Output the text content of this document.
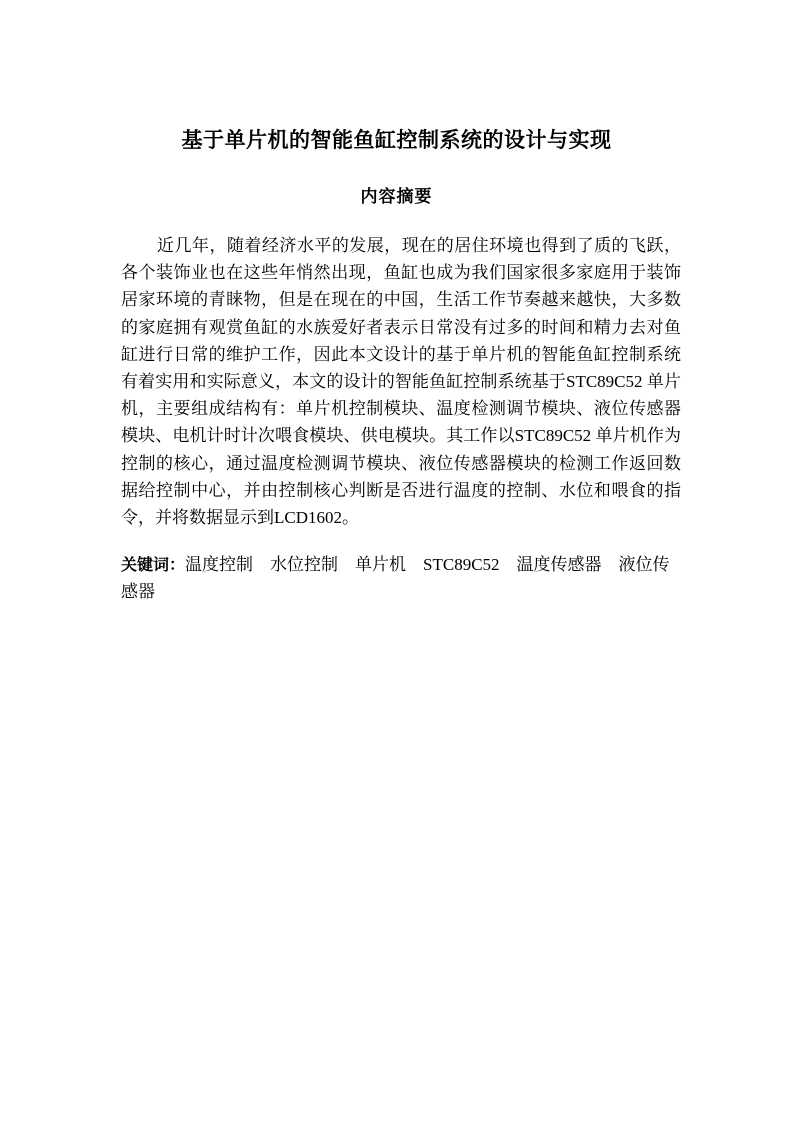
基于单片机的智能鱼缸控制系统的设计与实现
内容摘要

近几年，随着经济水平的发展，现在的居住环境也得到了质的飞跃，各个装饰业也在这些年悄然出现，鱼缸也成为我们国家很多家庭用于装饰居家环境的青睐物，但是在现在的中国，生活工作节奏越来越快，大多数的家庭拥有观赏鱼缸的水族爱好者表示日常没有过多的时间和精力去对鱼缸进行日常的维护工作，因此本文设计的基于单片机的智能鱼缸控制系统有着实用和实际意义，本文的设计的智能鱼缸控制系统基于STC89C52 单片机，主要组成结构有：单片机控制模块、温度检测调节模块、液位传感器模块、电机计时计次喂食模块、供电模块。其工作以STC89C52 单片机作为控制的核心，通过温度检测调节模块、液位传感器模块的检测工作返回数据给控制中心，并由控制核心判断是否进行温度的控制、水位和喂食的指令，并将数据显示到LCD1602。

关键词：温度控制 水位控制 单片机 STC89C52 温度传感器 液位传感器
